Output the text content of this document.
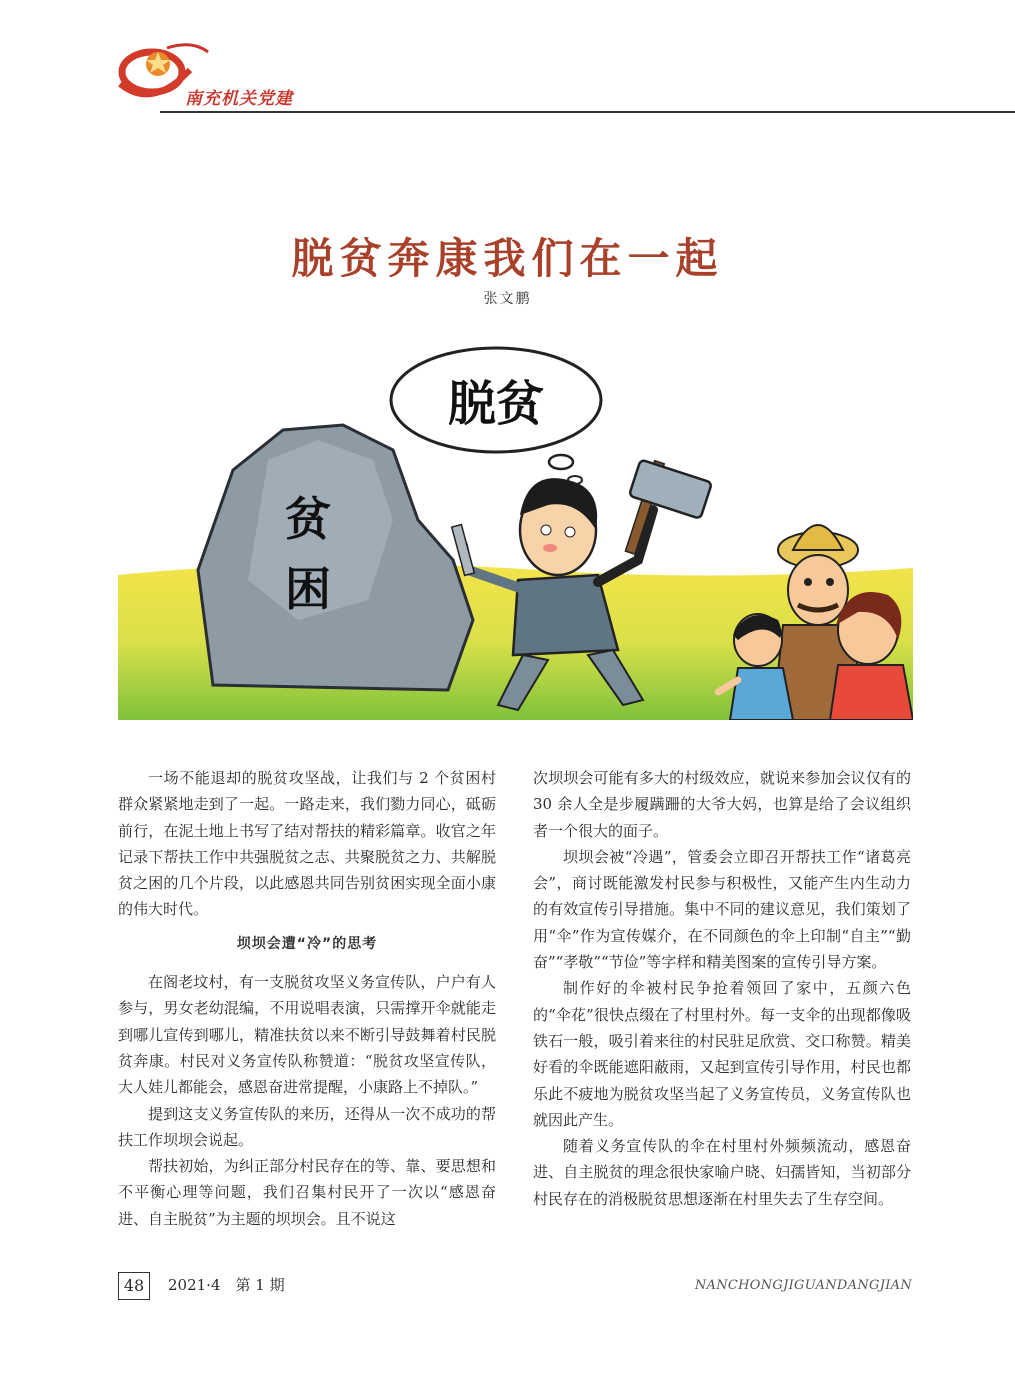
南充机关党建
脱贫奔康我们在一起
张文鹏
脱贫
贫
困

一场不能退却的脱贫攻坚战，让我们与 2 个贫困村群众紧紧地走到了一起。一路走来，我们勠力同心，砥砺前行，在泥土地上书写了结对帮扶的精彩篇章。收官之年记录下帮扶工作中共强脱贫之志、共聚脱贫之力、共解脱贫之困的几个片段，以此感恩共同告别贫困实现全面小康的伟大时代。

坝坝会遭“冷”的思考

在阁老坟村，有一支脱贫攻坚义务宣传队，户户有人参与，男女老幼混编，不用说唱表演，只需撑开伞就能走到哪儿宣传到哪儿，精准扶贫以来不断引导鼓舞着村民脱贫奔康。村民对义务宣传队称赞道：“脱贫攻坚宣传队，大人娃儿都能会，感恩奋进常提醒，小康路上不掉队。”

提到这支义务宣传队的来历，还得从一次不成功的帮扶工作坝坝会说起。

帮扶初始，为纠正部分村民存在的等、靠、要思想和不平衡心理等问题，我们召集村民开了一次以“感恩奋进、自主脱贫”为主题的坝坝会。且不说这

次坝坝会可能有多大的村级效应，就说来参加会议仅有的 30 余人全是步履蹒跚的大爷大妈，也算是给了会议组织者一个很大的面子。

坝坝会被“冷遇”，管委会立即召开帮扶工作“诸葛亮会”，商讨既能激发村民参与积极性，又能产生内生动力的有效宣传引导措施。集中不同的建议意见，我们策划了用“伞”作为宣传媒介，在不同颜色的伞上印制“自主”“勤奋”“孝敬”“节俭”等字样和精美图案的宣传引导方案。

制作好的伞被村民争抢着领回了家中，五颜六色的“伞花”很快点缀在了村里村外。每一支伞的出现都像吸铁石一般，吸引着来往的村民驻足欣赏、交口称赞。精美好看的伞既能遮阳蔽雨，又起到宣传引导作用，村民也都乐此不疲地为脱贫攻坚当起了义务宣传员，义务宣传队也就因此产生。

随着义务宣传队的伞在村里村外频频流动，感恩奋进、自主脱贫的理念很快家喻户晓、妇孺皆知，当初部分村民存在的消极脱贫思想逐渐在村里失去了生存空间。

48	2021·4　第 1 期	NANCHONGJIGUANDANGJIAN
